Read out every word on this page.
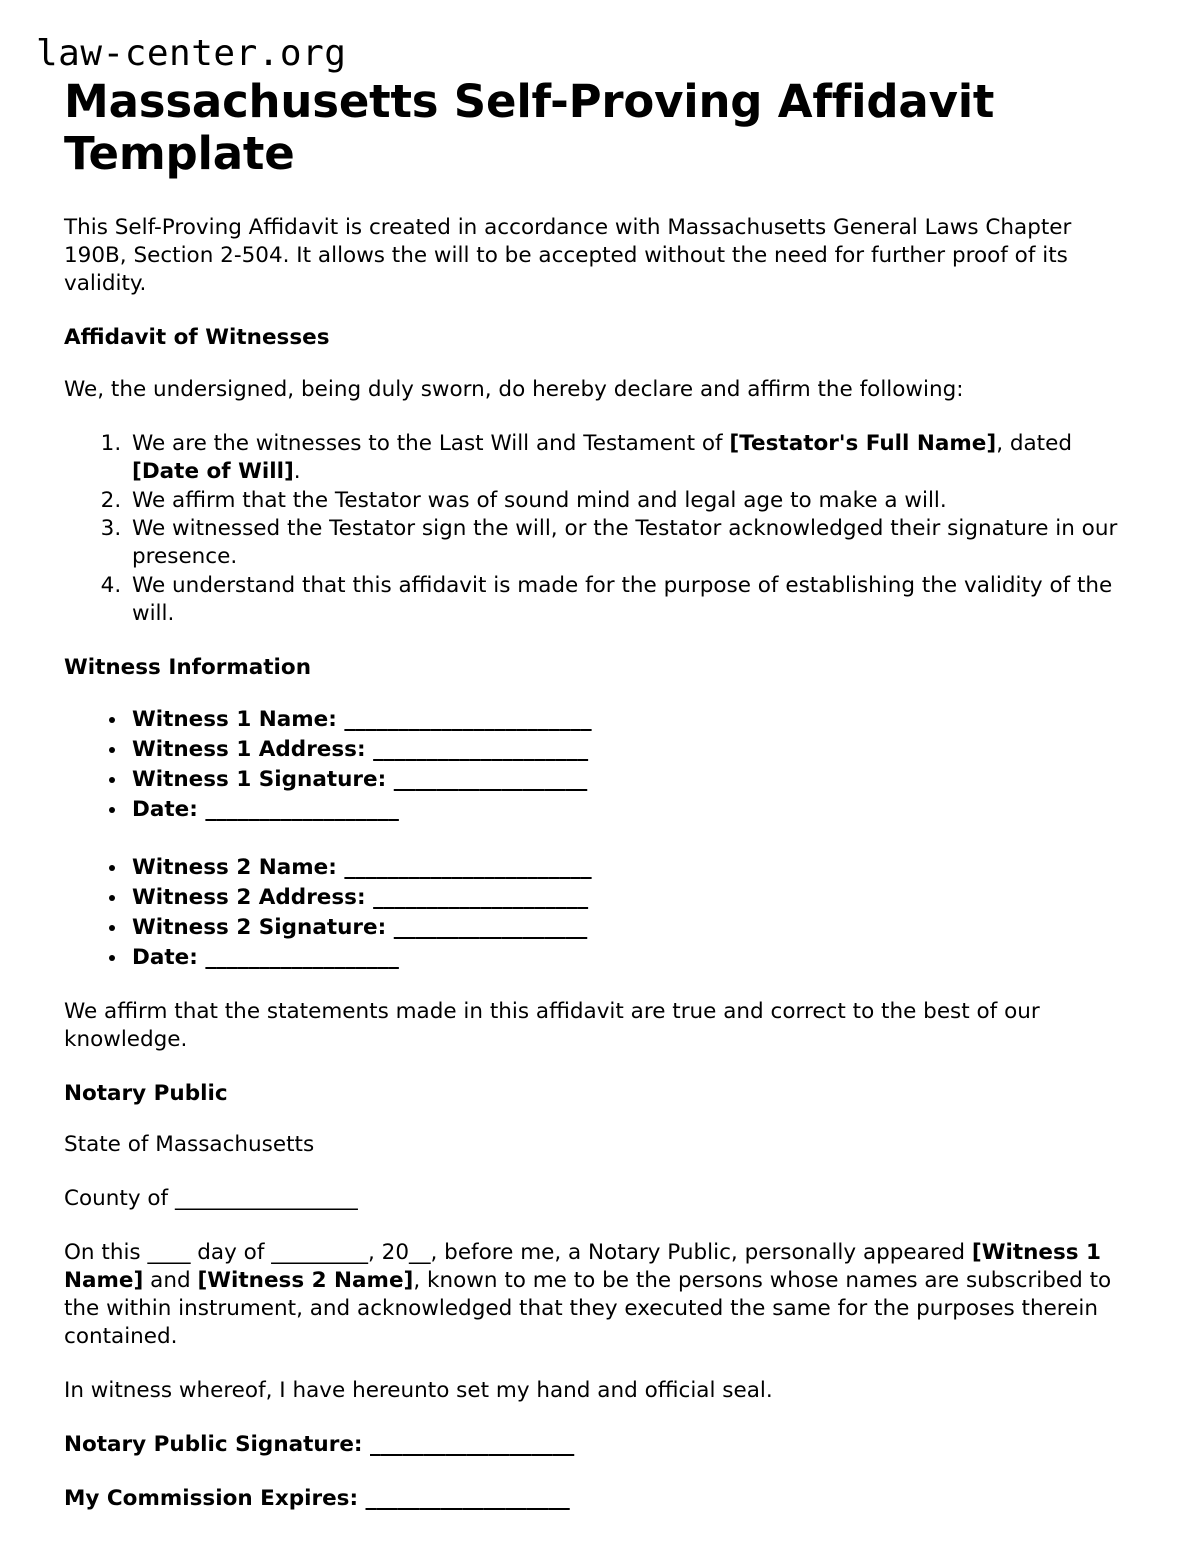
law-center.org
Massachusetts Self-Proving Affidavit Template

This Self-Proving Affidavit is created in accordance with Massachusetts General Laws Chapter 190B, Section 2-504. It allows the will to be accepted without the need for further proof of its validity.

Affidavit of Witnesses

We, the undersigned, being duly sworn, do hereby declare and affirm the following:

1. We are the witnesses to the Last Will and Testament of [Testator's Full Name], dated [Date of Will].
2. We affirm that the Testator was of sound mind and legal age to make a will.
3. We witnessed the Testator sign the will, or the Testator acknowledged their signature in our presence.
4. We understand that this affidavit is made for the purpose of establishing the validity of the will.
Witness Information
• Witness 1 Name: _______________________
• Witness 1 Address: ____________________
• Witness 1 Signature: __________________
• Date: __________________
• Witness 2 Name: _______________________
• Witness 2 Address: ____________________
• Witness 2 Signature: __________________
• Date: __________________

We affirm that the statements made in this affidavit are true and correct to the best of our knowledge.

Notary Public

State of Massachusetts

County of _________________

On this ____ day of _________, 20__, before me, a Notary Public, personally appeared [Witness 1 Name] and [Witness 2 Name], known to me to be the persons whose names are subscribed to the within instrument, and acknowledged that they executed the same for the purposes therein contained.

In witness whereof, I have hereunto set my hand and official seal.

Notary Public Signature: ___________________

My Commission Expires: ___________________
